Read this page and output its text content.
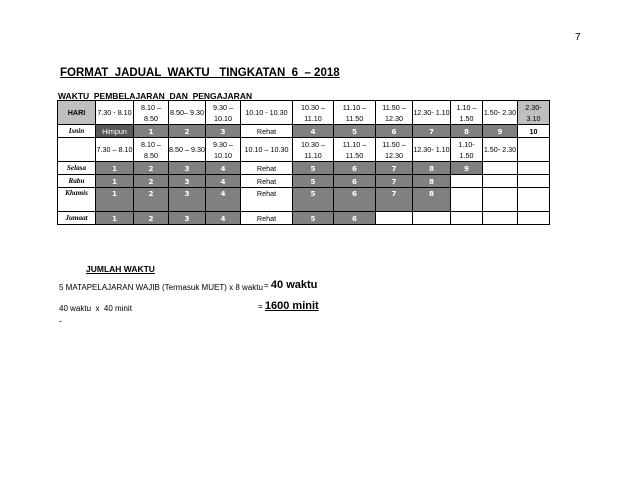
7
FORMAT  JADUAL  WAKTU   TINGKATAN  6  – 2018
WAKTU  PEMBELAJARAN  DAN  PENGAJARAN
HARI	7.30 - 8.10	8.10 – 8.50	8.50– 9.30	9.30 – 10.10	10.10 - 10.30	10.30 – 11.10	11.10 – 11.50	11.50 – 12.30	12.30- 1.10	1.10 – 1.50	1.50- 2.30	2.30- 3.10
Isnin	Himpun	1	2	3	Rehat	4	5	6	7	8	9	10
	7.30 – 8.10	8.10 – 8.50	8.50 – 9.30	9.30 – 10.10	10.10 – 10.30	10.30 – 11.10	11.10 – 11.50	11.50 – 12.30	12.30- 1.10	1.10- 1.50	1.50- 2.30	
Selasa	1	2	3	4	Rehat	5	6	7	8	9		
Rabu	1	2	3	4	Rehat	5	6	7	8			
Khamis	1	2	3	4	Rehat	5	6	7	8			
Jumaat	1	2	3	4	Rehat	5	6					
JUMLAH WAKTU
5 MATAPELAJARAN WAJIB (Termasuk MUET) x 8 waktu = 40 waktu
40 waktu  x  40 minit	= 1600 minit
-
